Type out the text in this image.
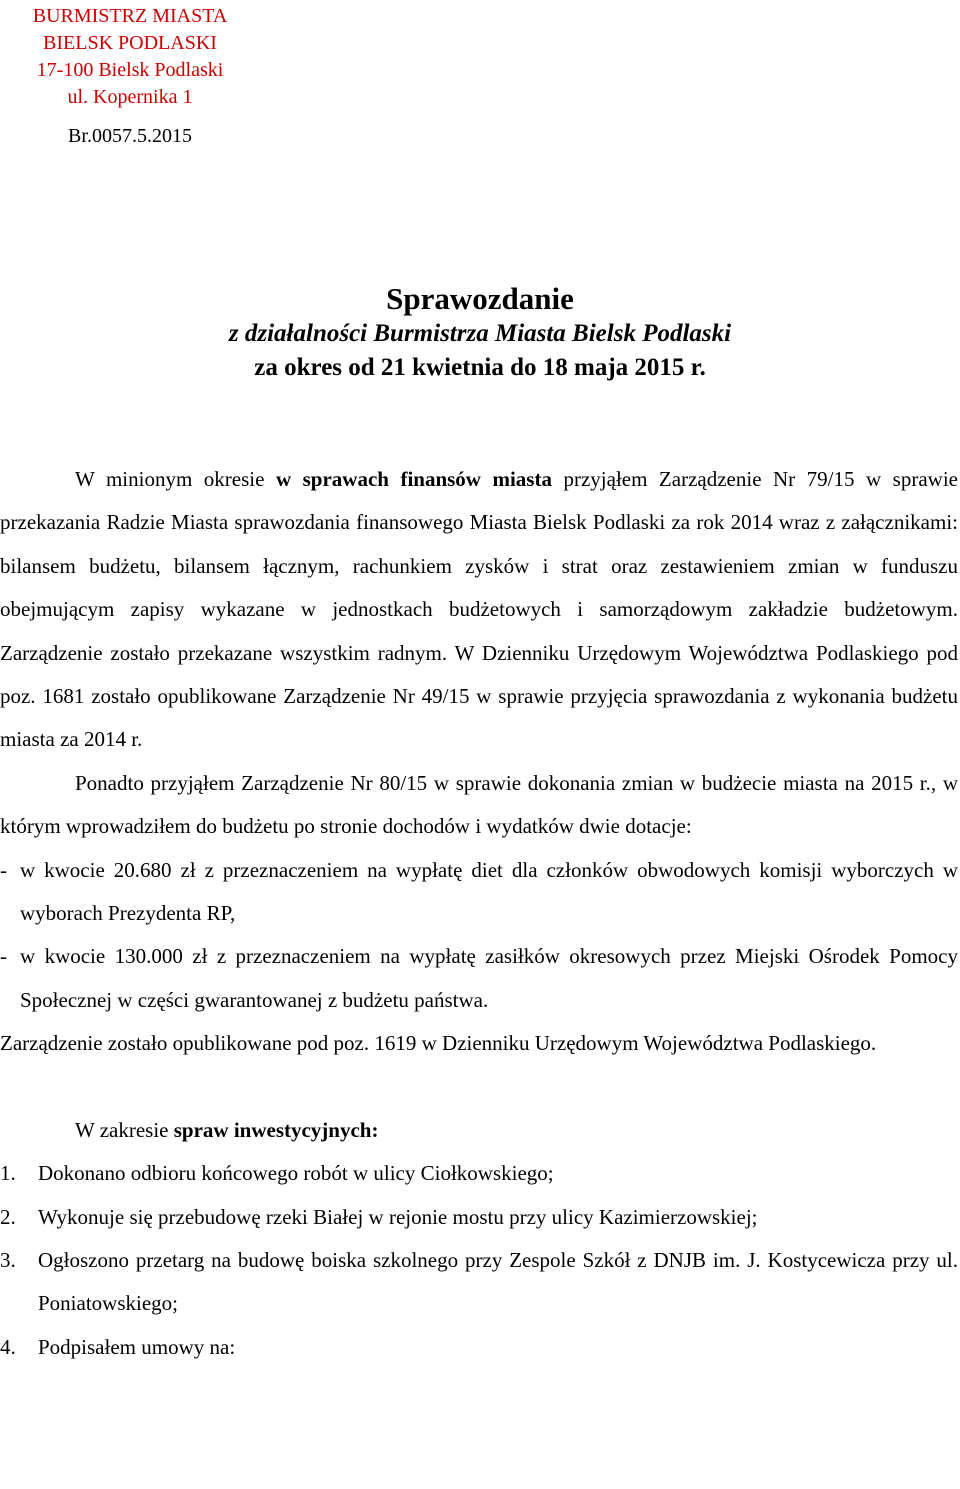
BURMISTRZ MIASTA
BIELSK PODLASKI
17-100 Bielsk Podlaski
ul. Kopernika 1
Br.0057.5.2015

Sprawozdanie

z działalności Burmistrza Miasta Bielsk Podlaski

za okres od 21 kwietnia do 18 maja 2015 r.

W minionym okresie w sprawach finansów miasta przyjąłem Zarządzenie Nr 79/15 w sprawie przekazania Radzie Miasta sprawozdania finansowego Miasta Bielsk Podlaski za rok 2014 wraz z załącznikami: bilansem budżetu, bilansem łącznym, rachunkiem zysków i strat oraz zestawieniem zmian w funduszu obejmującym zapisy wykazane w jednostkach budżetowych i samorządowym zakładzie budżetowym. Zarządzenie zostało przekazane wszystkim radnym. W Dzienniku Urzędowym Województwa Podlaskiego pod poz. 1681 zostało opublikowane Zarządzenie Nr 49/15 w sprawie przyjęcia sprawozdania z wykonania budżetu miasta za 2014 r.

Ponadto przyjąłem Zarządzenie Nr 80/15 w sprawie dokonania zmian w budżecie miasta na 2015 r., w którym wprowadziłem do budżetu po stronie dochodów i wydatków dwie dotacje:

- w kwocie 20.680 zł z przeznaczeniem na wypłatę diet dla członków obwodowych komisji wyborczych w wyborach Prezydenta RP,
- w kwocie 130.000 zł z przeznaczeniem na wypłatę zasiłków okresowych przez Miejski Ośrodek Pomocy Społecznej w części gwarantowanej z budżetu państwa.

Zarządzenie zostało opublikowane pod poz. 1619 w Dzienniku Urzędowym Województwa Podlaskiego.

W zakresie spraw inwestycyjnych:

1.	Dokonano odbioru końcowego robót w ulicy Ciołkowskiego;
2.	Wykonuje się przebudowę rzeki Białej w rejonie mostu przy ulicy Kazimierzowskiej;
3.	Ogłoszono przetarg na budowę boiska szkolnego przy Zespole Szkół z DNJB im. J. Kostycewicza przy ul. Poniatowskiego;
4.	Podpisałem umowy na:
